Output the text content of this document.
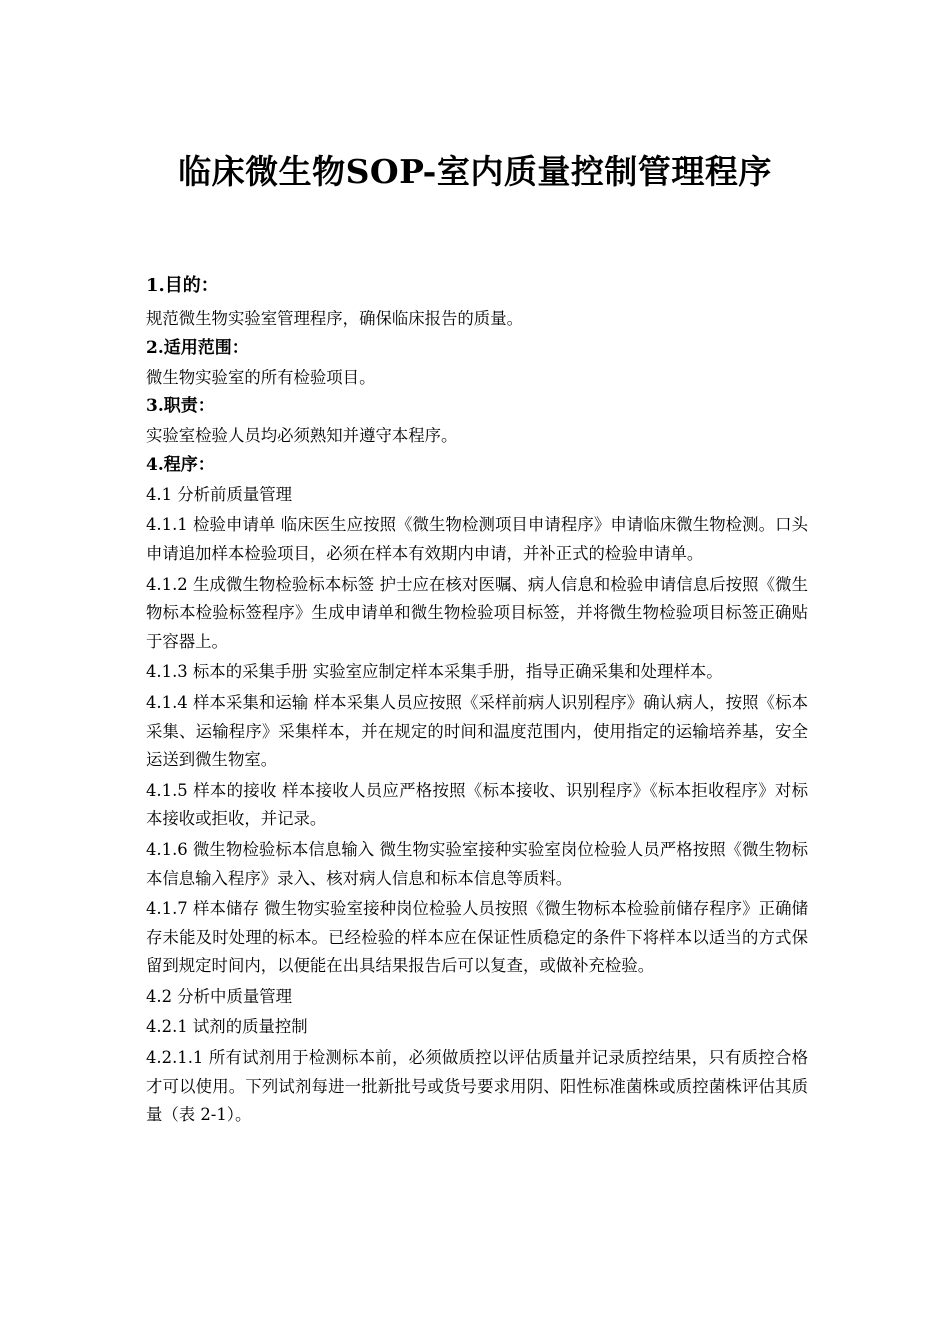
临床微生物SOP-室内质量控制管理程序
1.目的：
规范微生物实验室管理程序，确保临床报告的质量。
2.适用范围：
微生物实验室的所有检验项目。
3.职责：
实验室检验人员均必须熟知并遵守本程序。
4.程序：
4.1 分析前质量管理
4.1.1 检验申请单 临床医生应按照《微生物检测项目申请程序》申请临床微生物检测。口头申请追加样本检验项目，必须在样本有效期内申请，并补正式的检验申请单。
4.1.2 生成微生物检验标本标签 护士应在核对医嘱、病人信息和检验申请信息后按照《微生物标本检验标签程序》生成申请单和微生物检验项目标签，并将微生物检验项目标签正确贴于容器上。
4.1.3 标本的采集手册 实验室应制定样本采集手册，指导正确采集和处理样本。
4.1.4 样本采集和运输 样本采集人员应按照《采样前病人识别程序》确认病人，按照《标本采集、运输程序》采集样本，并在规定的时间和温度范围内，使用指定的运输培养基，安全运送到微生物室。
4.1.5 样本的接收 样本接收人员应严格按照《标本接收、识别程序》《标本拒收程序》对标本接收或拒收，并记录。
4.1.6 微生物检验标本信息输入 微生物实验室接种实验室岗位检验人员严格按照《微生物标本信息输入程序》录入、核对病人信息和标本信息等质料。
4.1.7 样本储存 微生物实验室接种岗位检验人员按照《微生物标本检验前储存程序》正确储存未能及时处理的标本。已经检验的样本应在保证性质稳定的条件下将样本以适当的方式保留到规定时间内，以便能在出具结果报告后可以复查，或做补充检验。
4.2 分析中质量管理
4.2.1 试剂的质量控制
4.2.1.1 所有试剂用于检测标本前，必须做质控以评估质量并记录质控结果，只有质控合格才可以使用。下列试剂每进一批新批号或货号要求用阴、阳性标准菌株或质控菌株评估其质量（表 2-1）。
